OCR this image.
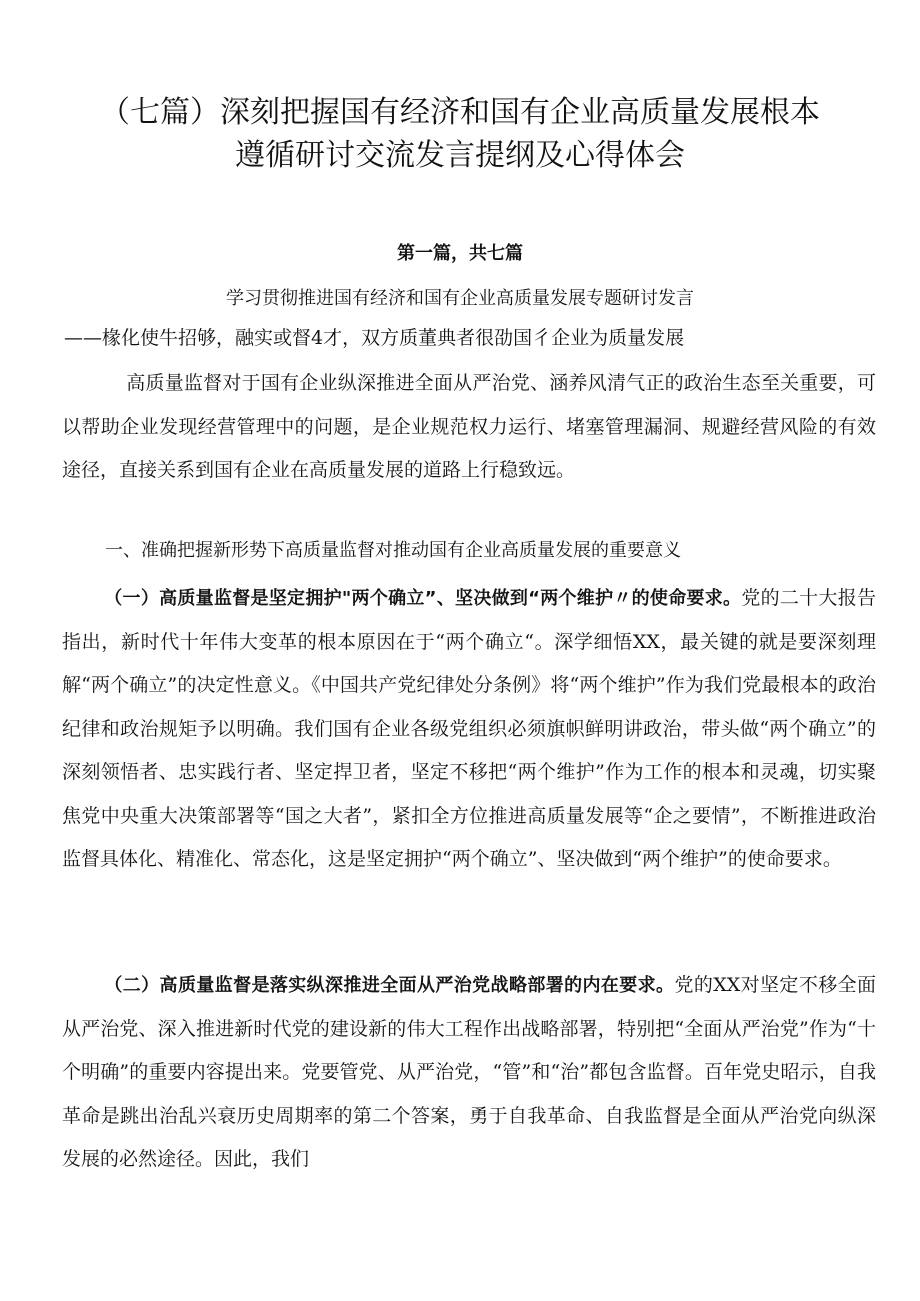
（七篇）深刻把握国有经济和国有企业高质量发展根本
遵循研讨交流发言提纲及心得体会
第一篇，共七篇
学习贯彻推进国有经济和国有企业高质量发展专题研讨发言
——椽化使牛招够，融实或督4才，双方质董典者很劭国彳企业为质量发展
高质量监督对于国有企业纵深推进全面从严治党、涵养风清气正的政治生态至关重要，可以帮助企业发现经营管理中的问题，是企业规范权力运行、堵塞管理漏洞、规避经营风险的有效途径，直接关系到国有企业在高质量发展的道路上行稳致远。
一、准确把握新形势下高质量监督对推动国有企业高质量发展的重要意义
（一）高质量监督是坚定拥护"两个确立”、坚决做到“两个维护〃的使命要求。党的二十大报告指出，新时代十年伟大变革的根本原因在于“两个确立“。深学细悟XX，最关键的就是要深刻理解“两个确立”的决定性意义。《中国共产党纪律处分条例》将“两个维护”作为我们党最根本的政治纪律和政治规矩予以明确。我们国有企业各级党组织必须旗帜鲜明讲政治，带头做“两个确立”的深刻领悟者、忠实践行者、坚定捍卫者，坚定不移把“两个维护”作为工作的根本和灵魂，切实聚焦党中央重大决策部署等“国之大者”，紧扣全方位推进高质量发展等“企之要情”，不断推进政治监督具体化、精准化、常态化，这是坚定拥护“两个确立”、坚决做到“两个维护”的使命要求。
（二）高质量监督是落实纵深推进全面从严治党战略部署的内在要求。党的XX对坚定不移全面从严治党、深入推进新时代党的建设新的伟大工程作出战略部署，特别把“全面从严治党”作为“十个明确”的重要内容提出来。党要管党、从严治党，“管”和“治”都包含监督。百年党史昭示，自我革命是跳出治乱兴衰历史周期率的第二个答案，勇于自我革命、自我监督是全面从严治党向纵深发展的必然途径。因此，我们
